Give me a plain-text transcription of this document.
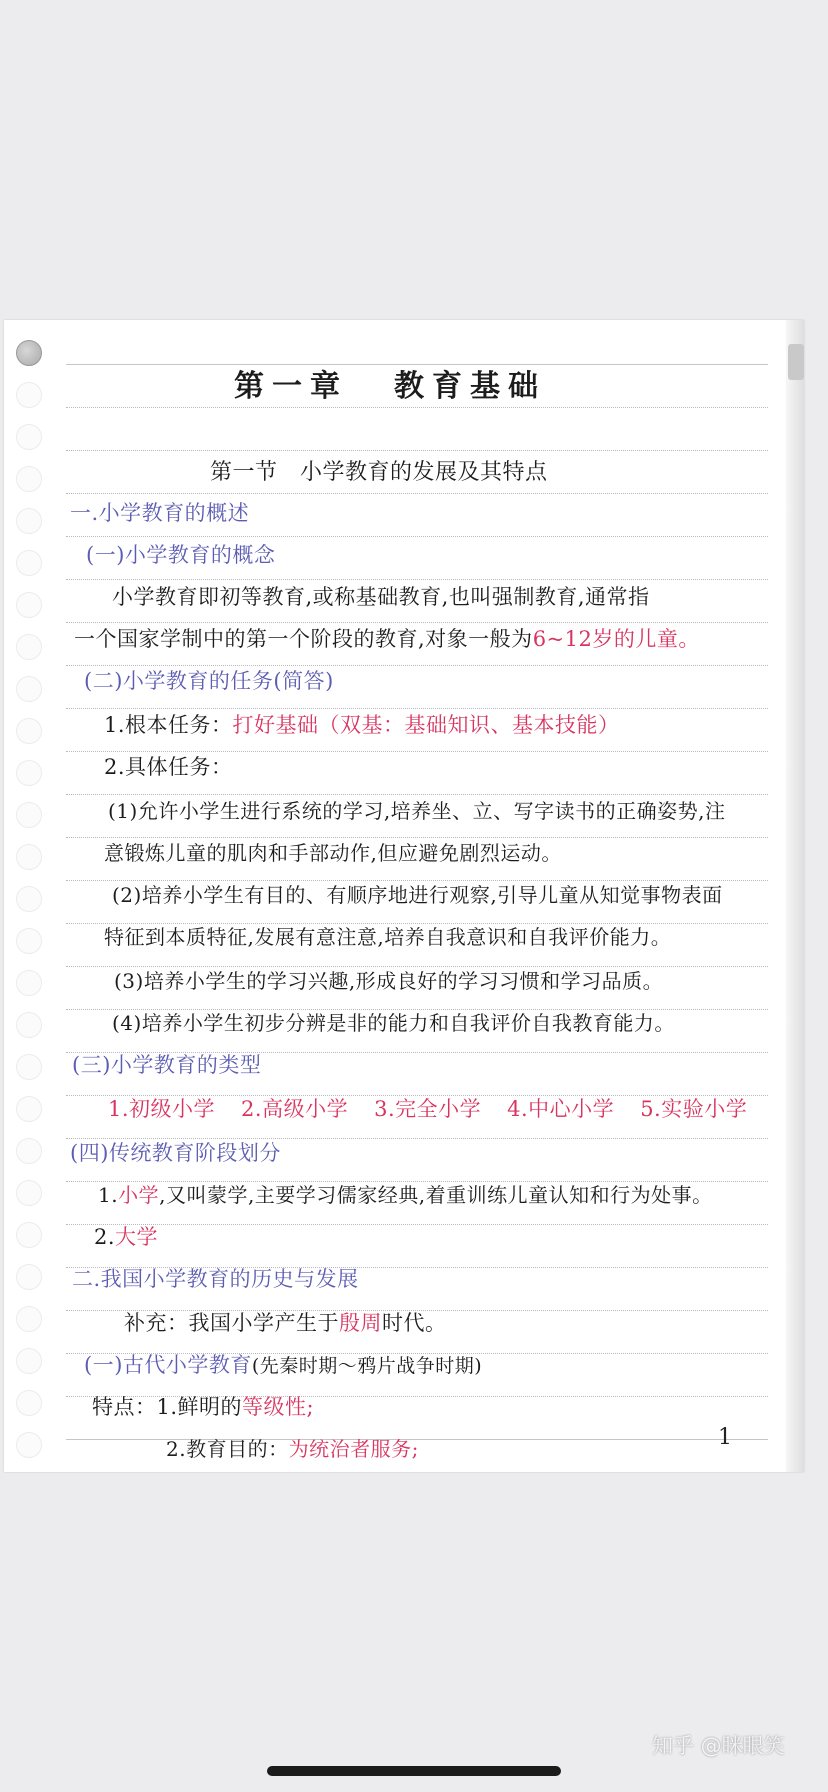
第一章 教育基础
第一节　小学教育的发展及其特点
一.小学教育的概述
(一)小学教育的概念
小学教育即初等教育,或称基础教育,也叫强制教育,通常指
一个国家学制中的第一个阶段的教育,对象一般为6~12岁的儿童。
(二)小学教育的任务(简答)
1.根本任务：打好基础（双基：基础知识、基本技能）
2.具体任务：
(1)允许小学生进行系统的学习,培养坐、立、写字读书的正确姿势,注
意锻炼儿童的肌肉和手部动作,但应避免剧烈运动。
(2)培养小学生有目的、有顺序地进行观察,引导儿童从知觉事物表面
特征到本质特征,发展有意注意,培养自我意识和自我评价能力。
(3)培养小学生的学习兴趣,形成良好的学习习惯和学习品质。
(4)培养小学生初步分辨是非的能力和自我评价自我教育能力。
(三)小学教育的类型
1.初级小学 2.高级小学 3.完全小学 4.中心小学 5.实验小学
(四)传统教育阶段划分
1.小学,又叫蒙学,主要学习儒家经典,着重训练儿童认知和行为处事。
2.大学
二.我国小学教育的历史与发展
补充：我国小学产生于殷周时代。
(一)古代小学教育(先秦时期～鸦片战争时期)
特点：1.鲜明的等级性;
2.教育目的：为统治者服务;	1
知乎 @眯眼笑
